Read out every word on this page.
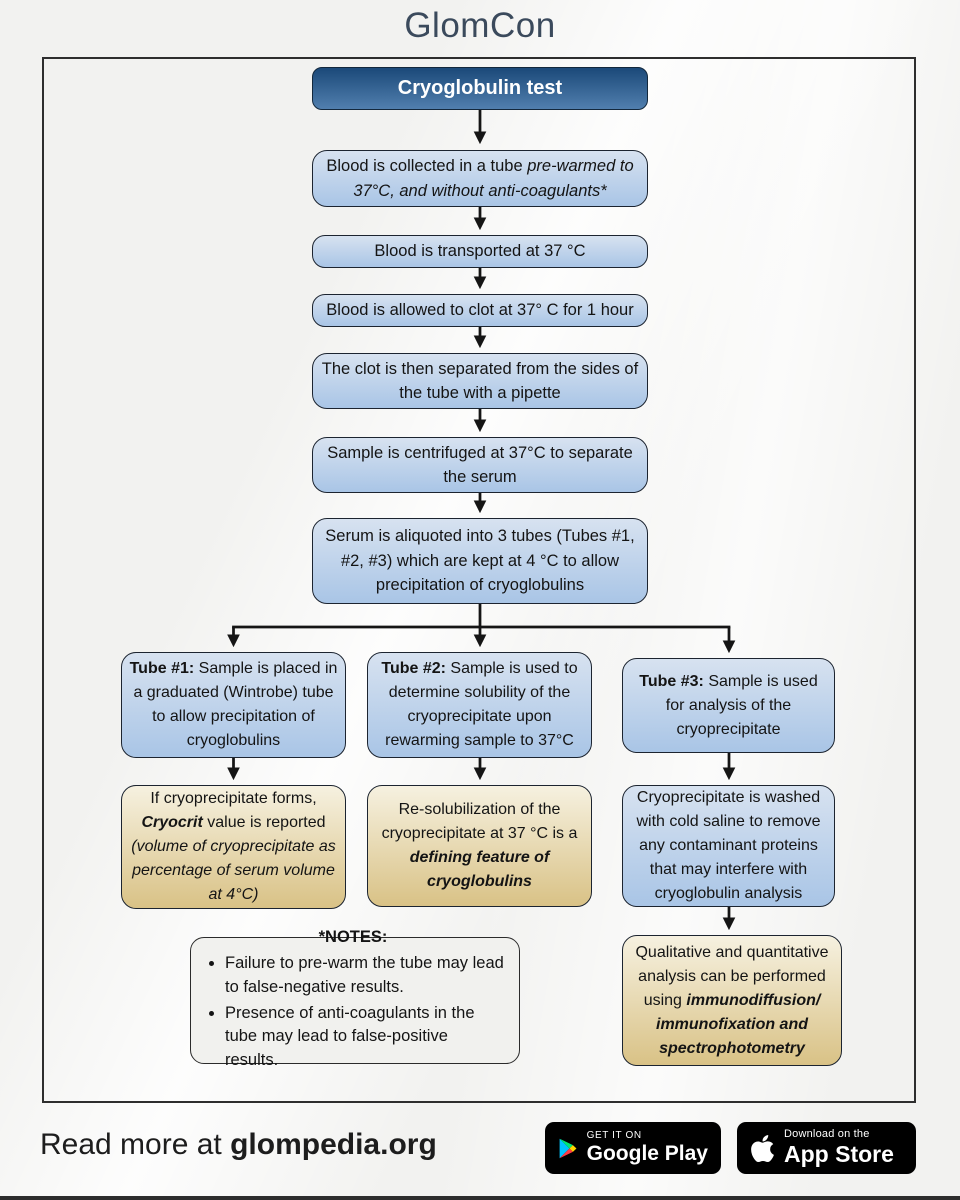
GlomCon
Cryoglobulin test
Blood is collected in a tube pre-warmed to 37°C, and without anti-coagulants*
Blood is transported at 37 °C
Blood is allowed to clot at 37° C for 1 hour
The clot is then separated from the sides of the tube with a pipette
Sample is centrifuged at 37°C to separate the serum
Serum is aliquoted into 3 tubes (Tubes #1, #2, #3) which are kept at 4 °C to allow precipitation of cryoglobulins
Tube #1: Sample is placed in a graduated (Wintrobe) tube to allow precipitation of cryoglobulins
Tube #2: Sample is used to determine solubility of the cryoprecipitate upon rewarming sample to 37°C
Tube #3: Sample is used for analysis of the cryoprecipitate
If cryoprecipitate forms, Cryocrit value is reported (volume of cryoprecipitate as percentage of serum volume at 4°C)
Re-solubilization of the cryoprecipitate at 37 °C is a defining feature of cryoglobulins
Cryoprecipitate is washed with cold saline to remove any contaminant proteins that may interfere with cryoglobulin analysis
Qualitative and quantitative analysis can be performed using immunodiffusion/ immunofixation and spectrophotometry
*NOTES:
• Failure to pre-warm the tube may lead to false-negative results.
• Presence of anti-coagulants in the tube may lead to false-positive results.
Read more at glompedia.org	GET IT ON
Google Play
Download on the
App Store
